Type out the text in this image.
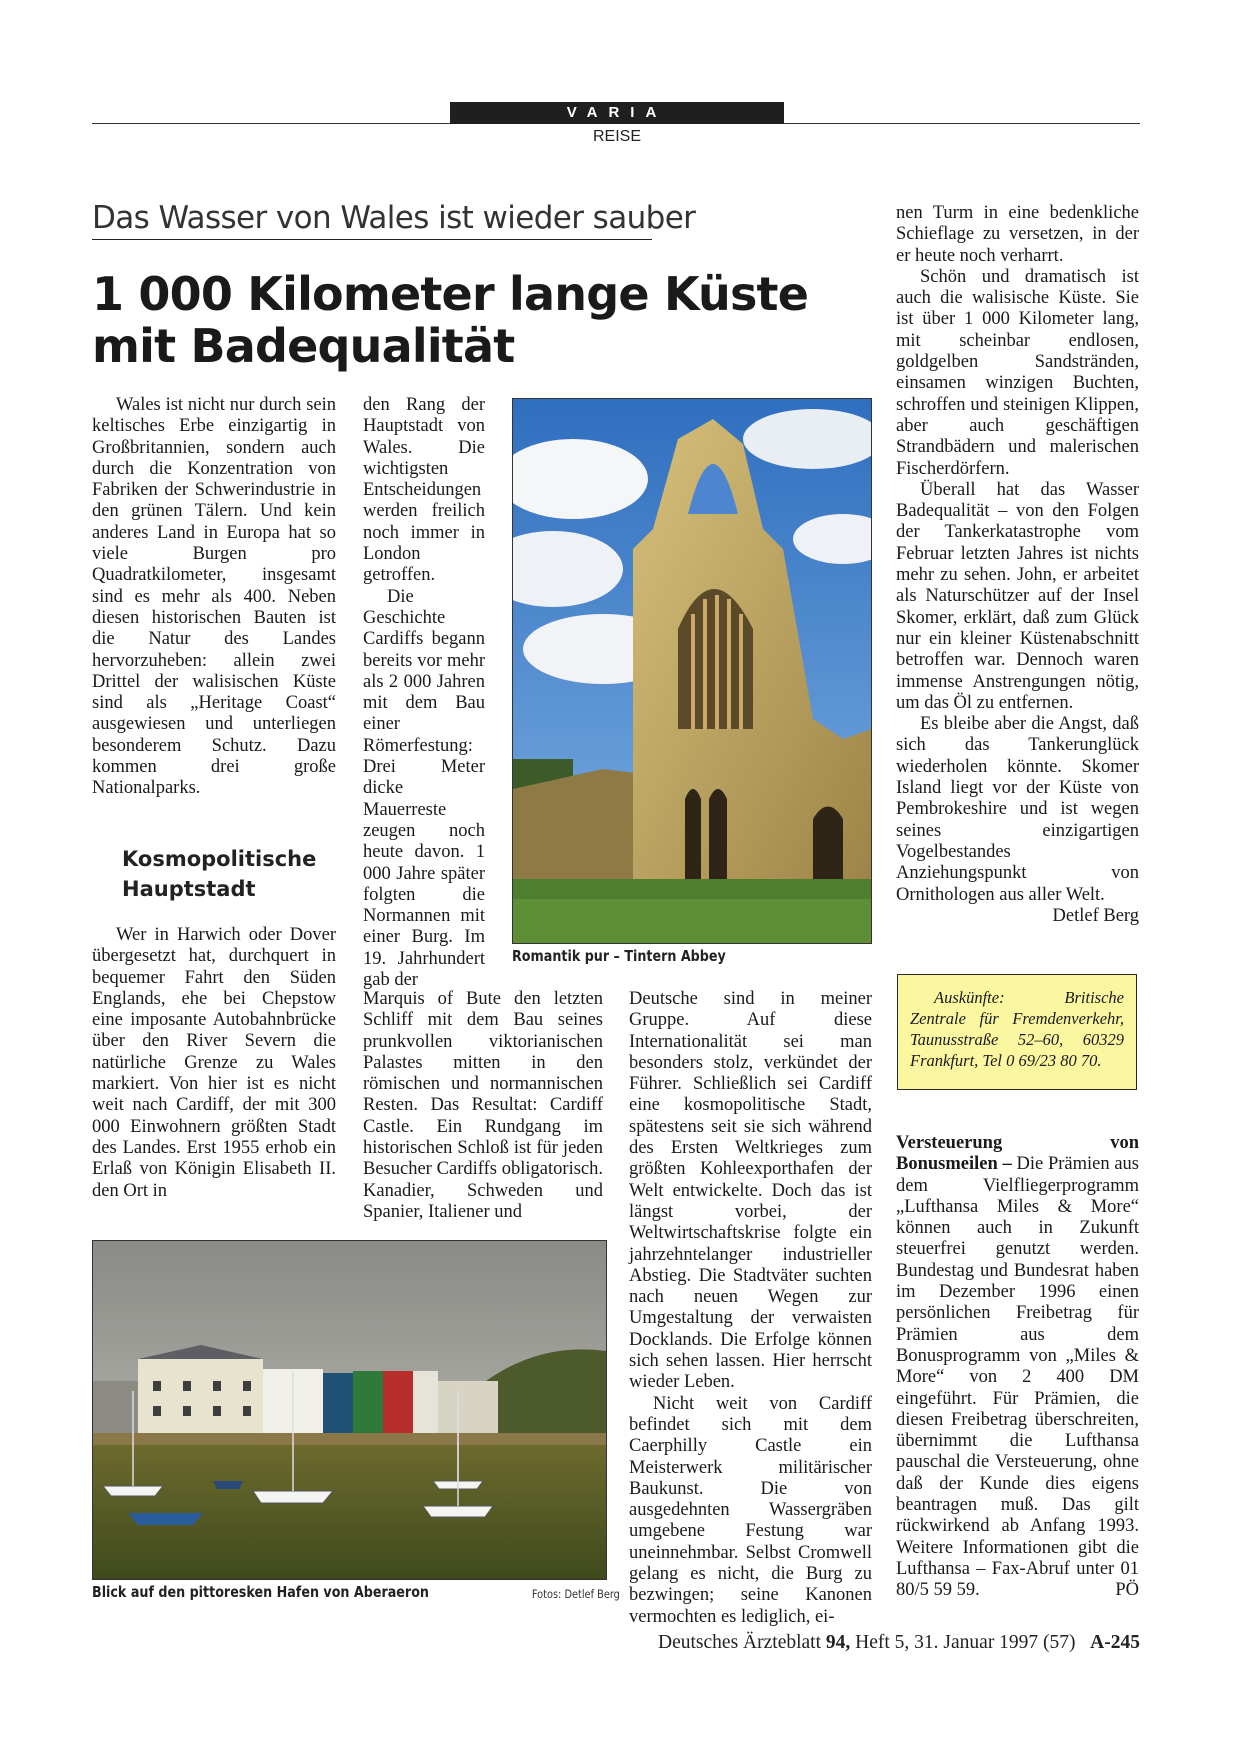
VARIA
REISE
Das Wasser von Wales ist wieder sauber
1 000 Kilometer lange Küste
mit Badequalität

Wales ist nicht nur durch sein keltisches Erbe einzigartig in Großbritannien, sondern auch durch die Konzentration von Fabriken der Schwerindustrie in den grünen Tälern. Und kein anderes Land in Europa hat so viele Burgen pro Quadratkilometer, insgesamt sind es mehr als 400. Neben diesen historischen Bauten ist die Natur des Landes hervorzuheben: allein zwei Drittel der walisischen Küste sind als „Heritage Coast“ ausgewiesen und unterliegen besonderem Schutz. Dazu kommen drei große Nationalparks.

Kosmopolitische Hauptstadt

Wer in Harwich oder Dover übergesetzt hat, durchquert in bequemer Fahrt den Süden Englands, ehe bei Chepstow eine imposante Autobahnbrücke über den River Severn die natürliche Grenze zu Wales markiert. Von hier ist es nicht weit nach Cardiff, der mit 300 000 Einwohnern größten Stadt des Landes. Erst 1955 erhob ein Erlaß von Königin Elisabeth II. den Ort in

den Rang der Hauptstadt von Wales. Die wichtigsten Entscheidungen werden freilich noch immer in London getroffen.

Die Geschichte Cardiffs begann bereits vor mehr als 2 000 Jahren mit dem Bau einer Römerfestung: Drei Meter dicke Mauerreste zeugen noch heute davon. 1 000 Jahre später folgten die Normannen mit einer Burg. Im 19. Jahrhundert gab der

Marquis of Bute den letzten Schliff mit dem Bau seines prunkvollen viktorianischen Palastes mitten in den römischen und normannischen Resten. Das Resultat: Cardiff Castle. Ein Rundgang im historischen Schloß ist für jeden Besucher Cardiffs obligatorisch. Kanadier, Schweden und Spanier, Italiener und

Romantik pur – Tintern Abbey

Deutsche sind in meiner Gruppe. Auf diese Internationalität sei man besonders stolz, verkündet der Führer. Schließlich sei Cardiff eine kosmopolitische Stadt, spätestens seit sie sich während des Ersten Weltkrieges zum größten Kohleexporthafen der Welt entwickelte. Doch das ist längst vorbei, der Weltwirtschaftskrise folgte ein jahrzehntelanger industrieller Abstieg. Die Stadtväter suchten nach neuen Wegen zur Umgestaltung der verwaisten Docklands. Die Erfolge können sich sehen lassen. Hier herrscht wieder Leben.

Nicht weit von Cardiff befindet sich mit dem Caerphilly Castle ein Meisterwerk militärischer Baukunst. Die von ausgedehnten Wassergräben umgebene Festung war uneinnehmbar. Selbst Cromwell gelang es nicht, die Burg zu bezwingen; seine Kanonen vermochten es lediglich, ei-

nen Turm in eine bedenkliche Schieflage zu versetzen, in der er heute noch verharrt.

Schön und dramatisch ist auch die walisische Küste. Sie ist über 1 000 Kilometer lang, mit scheinbar endlosen, goldgelben Sandstränden, einsamen winzigen Buchten, schroffen und steinigen Klippen, aber auch geschäftigen Strandbädern und malerischen Fischerdörfern.

Überall hat das Wasser Badequalität – von den Folgen der Tankerkatastrophe vom Februar letzten Jahres ist nichts mehr zu sehen. John, er arbeitet als Naturschützer auf der Insel Skomer, erklärt, daß zum Glück nur ein kleiner Küstenabschnitt betroffen war. Dennoch waren immense Anstrengungen nötig, um das Öl zu entfernen.

Es bleibe aber die Angst, daß sich das Tankerunglück wiederholen könnte. Skomer Island liegt vor der Küste von Pembrokeshire und ist wegen seines einzigartigen Vogelbestandes Anziehungspunkt von Ornithologen aus aller Welt.
Detlef Berg

Auskünfte: Britische Zentrale für Fremdenverkehr, Taunusstraße 52–60, 60329 Frankfurt, Tel 0 69/23 80 70.

Versteuerung von Bonusmeilen – Die Prämien aus dem Vielfliegerprogramm „Lufthansa Miles & More“ können auch in Zukunft steuerfrei genutzt werden. Bundestag und Bundesrat haben im Dezember 1996 einen persönlichen Freibetrag für Prämien aus dem Bonusprogramm von „Miles & More“ von 2 400 DM eingeführt. Für Prämien, die diesen Freibetrag überschreiten, übernimmt die Lufthansa pauschal die Versteuerung, ohne daß der Kunde dies eigens beantragen muß. Das gilt rückwirkend ab Anfang 1993. Weitere Informationen gibt die Lufthansa – Fax-Abruf unter 01 80/5 59 59.	PÖ

Blick auf den pittoresken Hafen von Aberaeron	Fotos: Detlef Berg
Deutsches Ärzteblatt 94, Heft 5, 31. Januar 1997 (57) A-245
